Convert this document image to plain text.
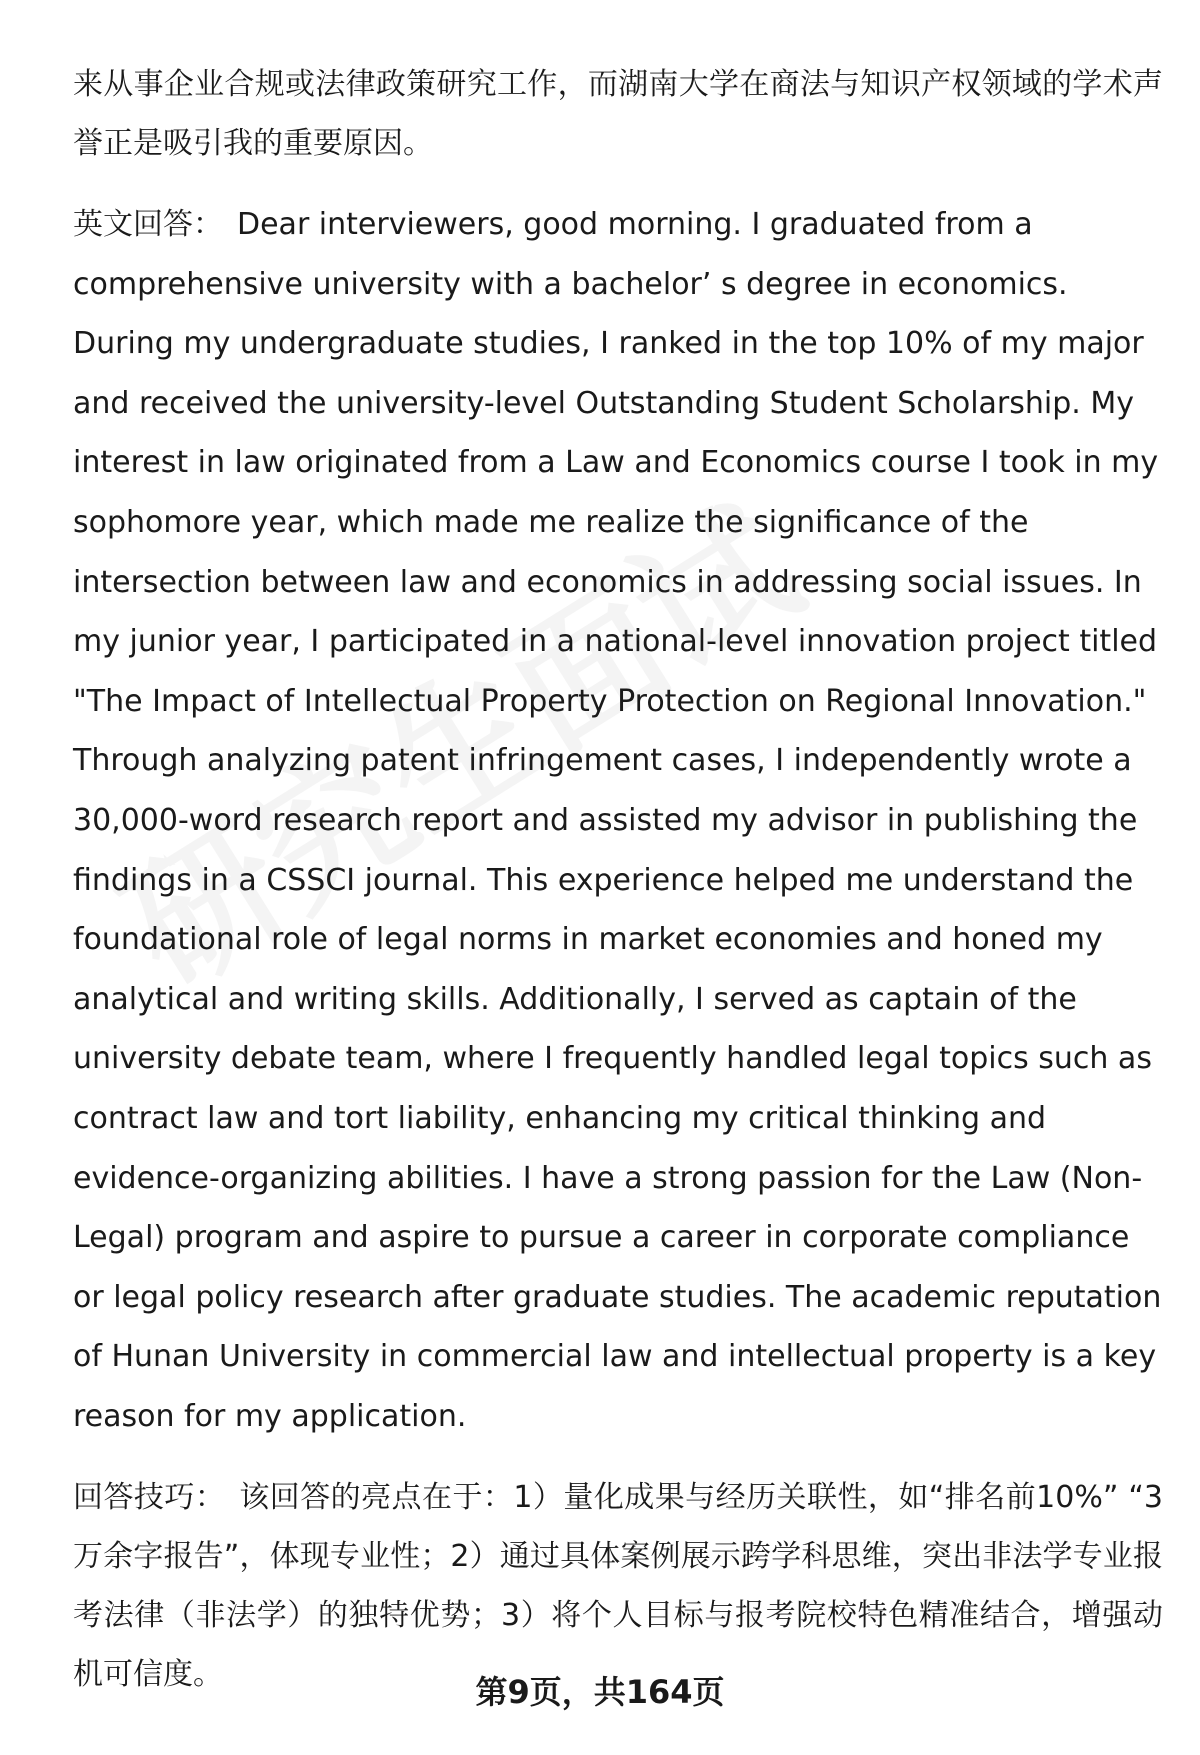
来从事企业合规或法律政策研究工作，而湖南大学在商法与知识产权领域的学术声誉正是吸引我的重要原因。

英文回答： Dear interviewers, good morning. I graduated from a comprehensive university with a bachelor’ s degree in economics. During my undergraduate studies, I ranked in the top 10% of my major and received the university-level Outstanding Student Scholarship. My interest in law originated from a Law and Economics course I took in my sophomore year, which made me realize the significance of the intersection between law and economics in addressing social issues. In my junior year, I participated in a national-level innovation project titled "The Impact of Intellectual Property Protection on Regional Innovation." Through analyzing patent infringement cases, I independently wrote a 30,000-word research report and assisted my advisor in publishing the findings in a CSSCI journal. This experience helped me understand the foundational role of legal norms in market economies and honed my analytical and writing skills. Additionally, I served as captain of the university debate team, where I frequently handled legal topics such as contract law and tort liability, enhancing my critical thinking and evidence-organizing abilities. I have a strong passion for the Law (Non-Legal) program and aspire to pursue a career in corporate compliance or legal policy research after graduate studies. The academic reputation of Hunan University in commercial law and intellectual property is a key reason for my application.

回答技巧： 该回答的亮点在于：1）量化成果与经历关联性，如“排名前10%” “3万余字报告”，体现专业性；2）通过具体案例展示跨学科思维，突出非法学专业报考法律（非法学）的独特优势；3）将个人目标与报考院校特色精准结合，增强动机可信度。	第9页，共164页
